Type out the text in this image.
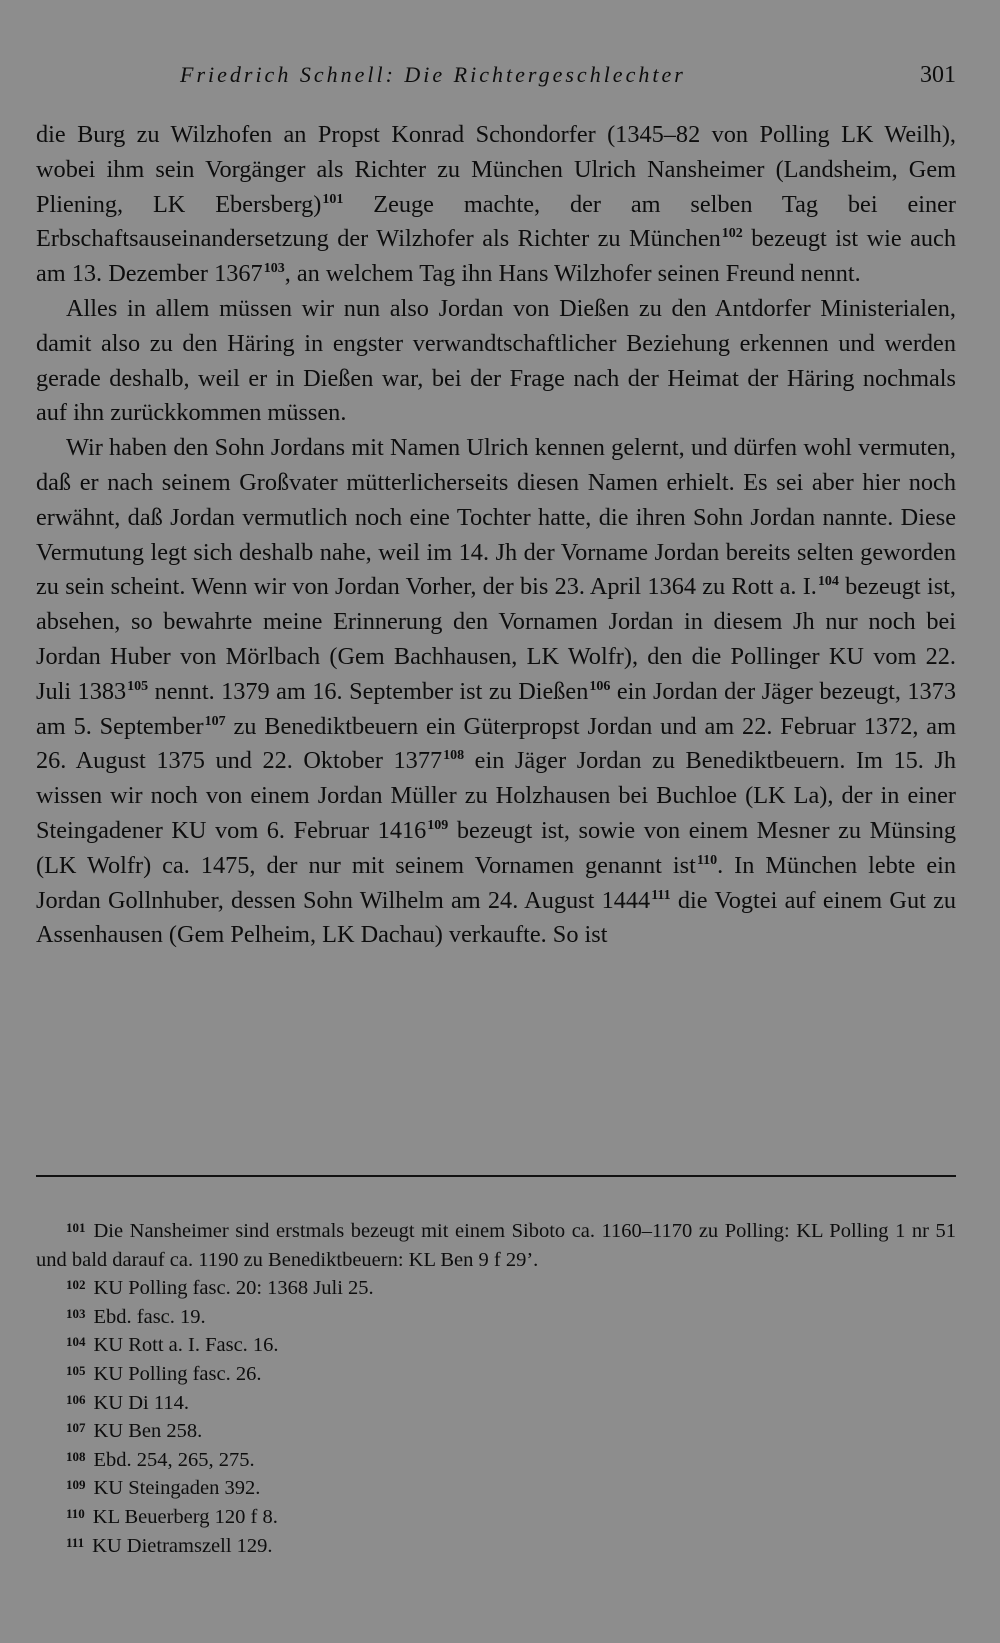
Friedrich Schnell: Die Richtergeschlechter	301

die Burg zu Wilzhofen an Propst Konrad Schondorfer (1345–82 von Polling LK Weilh), wobei ihm sein Vorgänger als Richter zu München Ulrich Nansheimer (Landsheim, Gem Pliening, LK Ebersberg)$^{101}$ Zeuge machte, der am selben Tag bei einer Erbschaftsauseinandersetzung der Wilzhofer als Richter zu München$^{102}$ bezeugt ist wie auch am 13. Dezember 1367$^{103}$, an welchem Tag ihn Hans Wilzhofer seinen Freund nennt.

Alles in allem müssen wir nun also Jordan von Dießen zu den Antdorfer Ministerialen, damit also zu den Häring in engster verwandtschaftlicher Beziehung erkennen und werden gerade deshalb, weil er in Dießen war, bei der Frage nach der Heimat der Häring nochmals auf ihn zurückkommen müssen.

Wir haben den Sohn Jordans mit Namen Ulrich kennen gelernt, und dürfen wohl vermuten, daß er nach seinem Großvater mütterlicherseits diesen Namen erhielt. Es sei aber hier noch erwähnt, daß Jordan vermutlich noch eine Tochter hatte, die ihren Sohn Jordan nannte. Diese Vermutung legt sich deshalb nahe, weil im 14. Jh der Vorname Jordan bereits selten geworden zu sein scheint. Wenn wir von Jordan Vorher, der bis 23. April 1364 zu Rott a. I.$^{104}$ bezeugt ist, absehen, so bewahrte meine Erinnerung den Vornamen Jordan in diesem Jh nur noch bei Jordan Huber von Mörlbach (Gem Bachhausen, LK Wolfr), den die Pollinger KU vom 22. Juli 1383$^{105}$ nennt. 1379 am 16. September ist zu Dießen$^{106}$ ein Jordan der Jäger bezeugt, 1373 am 5. September$^{107}$ zu Benediktbeuern ein Güterpropst Jordan und am 22. Februar 1372, am 26. August 1375 und 22. Oktober 1377$^{108}$ ein Jäger Jordan zu Benediktbeuern. Im 15. Jh wissen wir noch von einem Jordan Müller zu Holzhausen bei Buchloe (LK La), der in einer Steingadener KU vom 6. Februar 1416$^{109}$ bezeugt ist, sowie von einem Mesner zu Münsing (LK Wolfr) ca. 1475, der nur mit seinem Vornamen genannt ist$^{110}$. In München lebte ein Jordan Gollnhuber, dessen Sohn Wilhelm am 24. August 1444$^{111}$ die Vogtei auf einem Gut zu Assenhausen (Gem Pelheim, LK Dachau) verkaufte. So ist

$^{101}$ Die Nansheimer sind erstmals bezeugt mit einem Siboto ca. 1160–1170 zu Polling: KL Polling 1 nr 51 und bald darauf ca. 1190 zu Benediktbeuern: KL Ben 9 f 29’.
$^{102}$ KU Polling fasc. 20: 1368 Juli 25.
$^{103}$ Ebd. fasc. 19.
$^{104}$ KU Rott a. I. Fasc. 16.
$^{105}$ KU Polling fasc. 26.
$^{106}$ KU Di 114.
$^{107}$ KU Ben 258.
$^{108}$ Ebd. 254, 265, 275.
$^{109}$ KU Steingaden 392.
$^{110}$ KL Beuerberg 120 f 8.
$^{111}$ KU Dietramszell 129.
